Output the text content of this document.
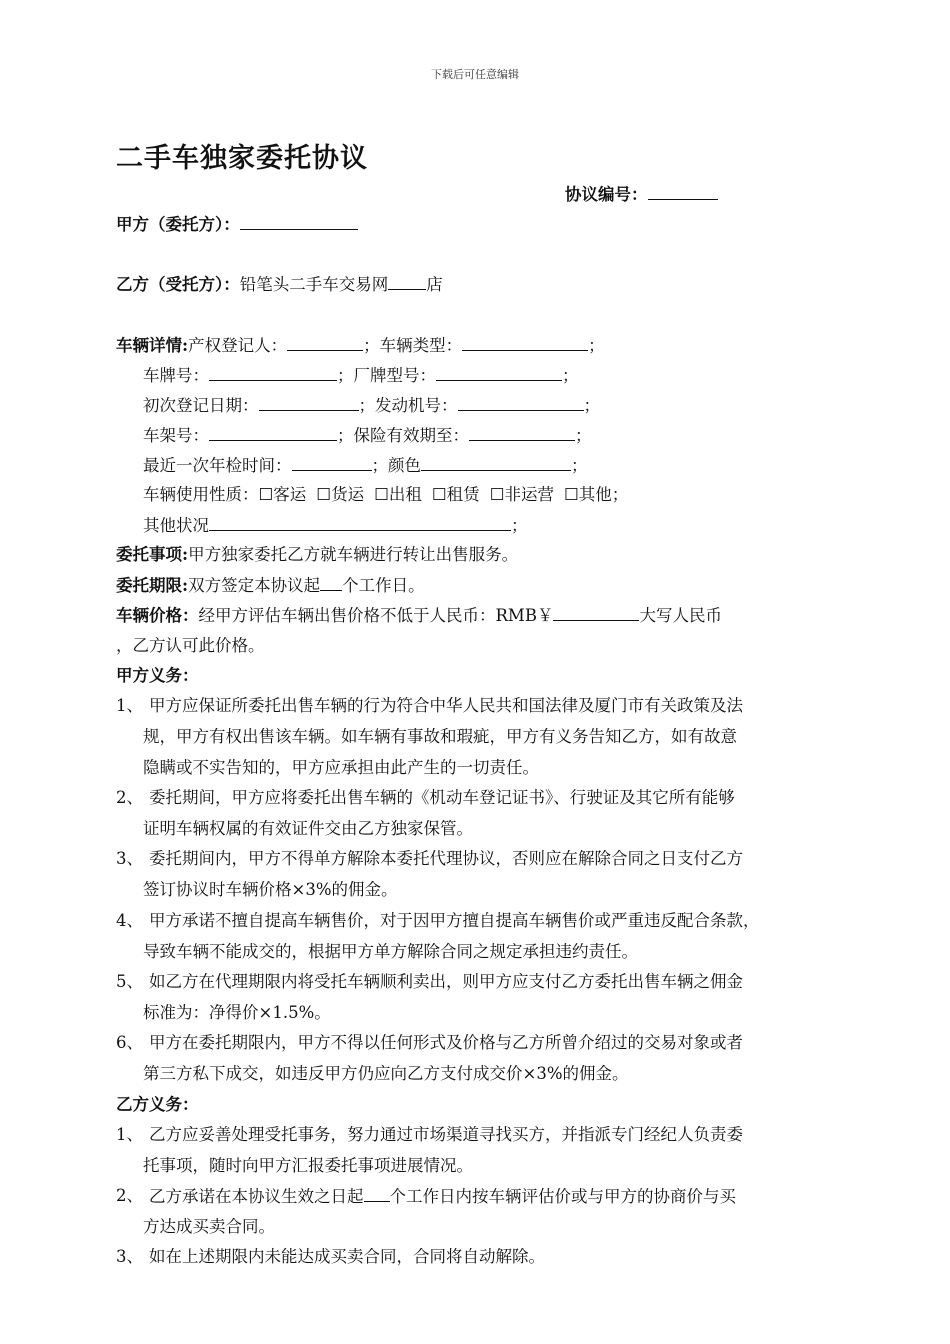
下载后可任意编辑
二手车独家委托协议
协议编号：
甲方（委托方）：
乙方（受托方）：铅笔头二手车交易网 店
车辆详情:产权登记人：	；车辆类型：	；
车牌号：	；厂牌型号：	；
初次登记日期：	；发动机号：	；
车架号：	；保险有效期至：	；
最近一次年检时间：	；颜色	；
车辆使用性质：☐客运 ☐货运 ☐出租 ☐租赁 ☐非运营 ☐其他；
其他状况	；
委托事项:甲方独家委托乙方就车辆进行转让出售服务。
委托期限:双方签定本协议起 个工作日。
车辆价格：经甲方评估车辆出售价格不低于人民币：RMB￥	大写人民币
，乙方认可此价格。
甲方义务：
1、 甲方应保证所委托出售车辆的行为符合中华人民共和国法律及厦门市有关政策及法
规，甲方有权出售该车辆。如车辆有事故和瑕疵，甲方有义务告知乙方，如有故意
隐瞒或不实告知的，甲方应承担由此产生的一切责任。
2、 委托期间，甲方应将委托出售车辆的《机动车登记证书》、行驶证及其它所有能够
证明车辆权属的有效证件交由乙方独家保管。
3、 委托期间内，甲方不得单方解除本委托代理协议，否则应在解除合同之日支付乙方
签订协议时车辆价格×3%的佣金。
4、 甲方承诺不擅自提高车辆售价，对于因甲方擅自提高车辆售价或严重违反配合条款，
导致车辆不能成交的，根据甲方单方解除合同之规定承担违约责任。
5、 如乙方在代理期限内将受托车辆顺利卖出，则甲方应支付乙方委托出售车辆之佣金
标准为：净得价×1.5%。
6、 甲方在委托期限内，甲方不得以任何形式及价格与乙方所曾介绍过的交易对象或者
第三方私下成交，如违反甲方仍应向乙方支付成交价×3%的佣金。
乙方义务：
1、 乙方应妥善处理受托事务，努力通过市场渠道寻找买方，并指派专门经纪人负责委
托事项，随时向甲方汇报委托事项进展情况。
2、 乙方承诺在本协议生效之日起 个工作日内按车辆评估价或与甲方的协商价与买
方达成买卖合同。
3、 如在上述期限内未能达成买卖合同，合同将自动解除。
